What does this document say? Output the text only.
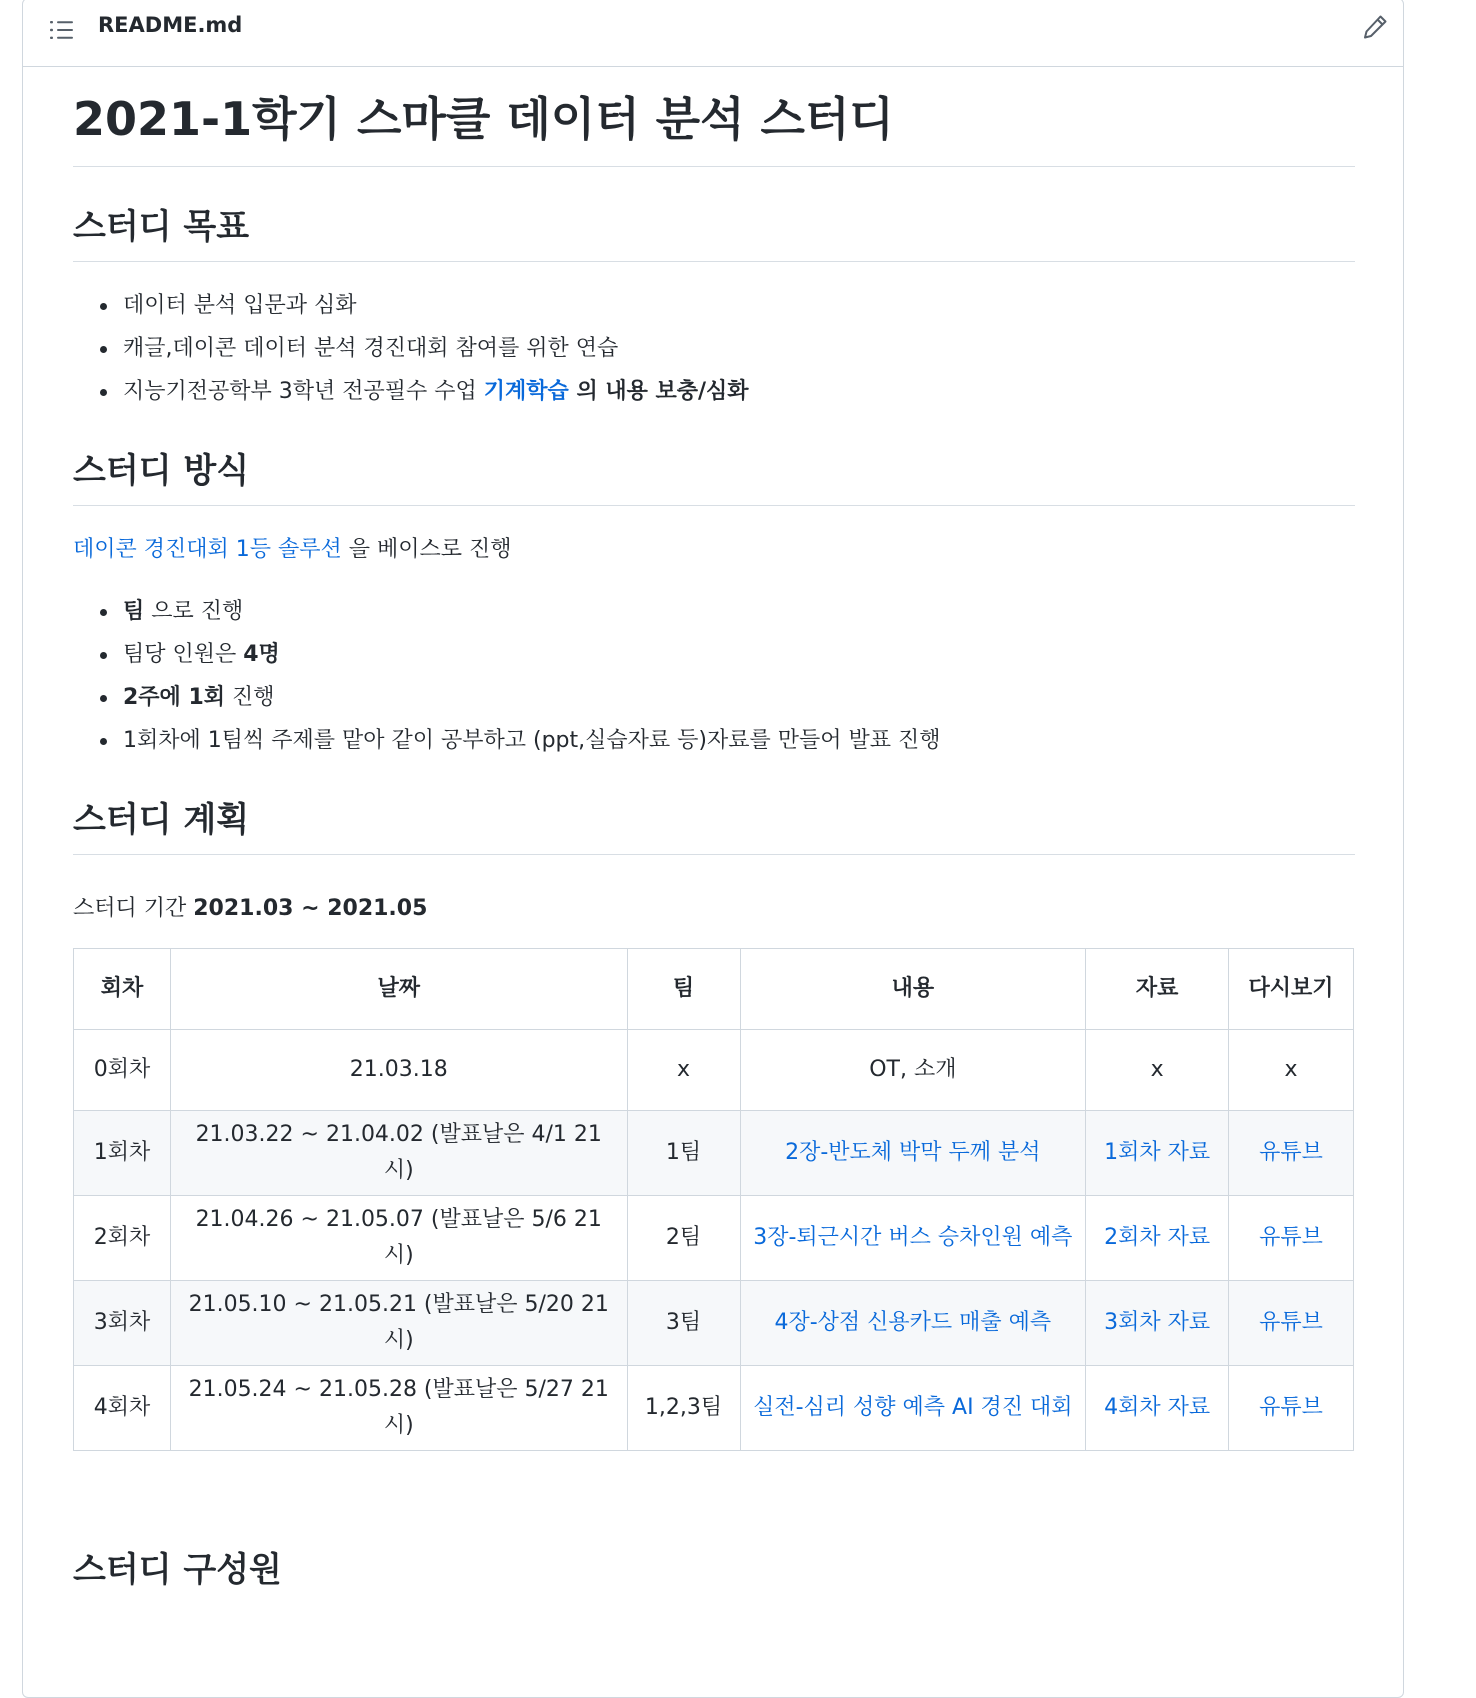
README.md
2021-1학기 스마클 데이터 분석 스터디
스터디 목표
데이터 분석 입문과 심화
캐글,데이콘 데이터 분석 경진대회 참여를 위한 연습
지능기전공학부 3학년 전공필수 수업 기계학습 의 내용 보충/심화
스터디 방식
데이콘 경진대회 1등 솔루션 을 베이스로 진행
팀 으로 진행
팀당 인원은 4명
2주에 1회 진행
1회차에 1팀씩 주제를 맡아 같이 공부하고 (ppt,실습자료 등)자료를 만들어 발표 진행
스터디 계획
스터디 기간 2021.03 ~ 2021.05
회차	날짜	팀	내용	자료	다시보기
0회차	21.03.18	x	OT, 소개	x	x
1회차	21.03.22 ~ 21.04.02 (발표날은 4/1 21시)	1팀	2장-반도체 박막 두께 분석	1회차 자료	유튜브
2회차	21.04.26 ~ 21.05.07 (발표날은 5/6 21시)	2팀	3장-퇴근시간 버스 승차인원 예측	2회차 자료	유튜브
3회차	21.05.10 ~ 21.05.21 (발표날은 5/20 21시)	3팀	4장-상점 신용카드 매출 예측	3회차 자료	유튜브
4회차	21.05.24 ~ 21.05.28 (발표날은 5/27 21시)	1,2,3팀	실전-심리 성향 예측 AI 경진 대회	4회차 자료	유튜브
스터디 구성원
